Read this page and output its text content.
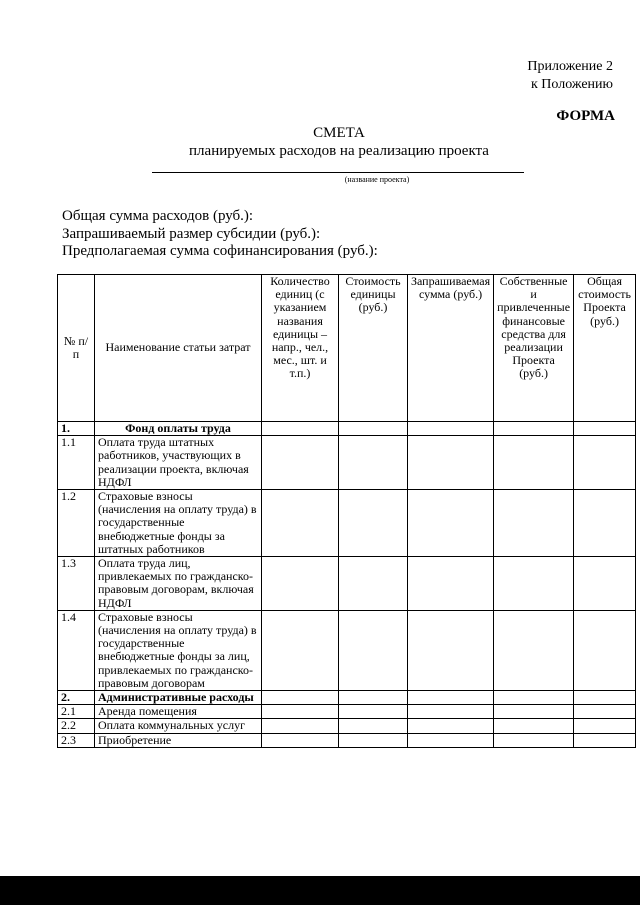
Приложение 2
к Положению
ФОРМА
СМЕТА
планируемых расходов на реализацию проекта
(название проекта)
Общая сумма расходов (руб.):
Запрашиваемый размер субсидии (руб.):
Предполагаемая сумма софинансирования (руб.):
№ п/п	Наименование статьи затрат	Количество единиц (с указанием названия единицы – напр., чел., мес., шт. и т.п.)	Стоимость единицы (руб.)	Запрашиваемая сумма (руб.)	Собственные и привлеченные финансовые средства для реализации Проекта (руб.)	Общая стоимость Проекта (руб.)
1.	Фонд оплаты труда					
1.1	Оплата труда штатных работников, участвующих в реализации проекта, включая НДФЛ					
1.2	Страховые взносы (начисления на оплату труда) в государственные внебюджетные фонды за штатных работников					
1.3	Оплата труда лиц, привлекаемых по гражданско-правовым договорам, включая НДФЛ					
1.4	Страховые взносы (начисления на оплату труда) в государственные внебюджетные фонды за лиц, привлекаемых по гражданско-правовым договорам					
2.	Административные расходы					
2.1	Аренда помещения					
2.2	Оплата коммунальных услуг					
2.3	Приобретение					
